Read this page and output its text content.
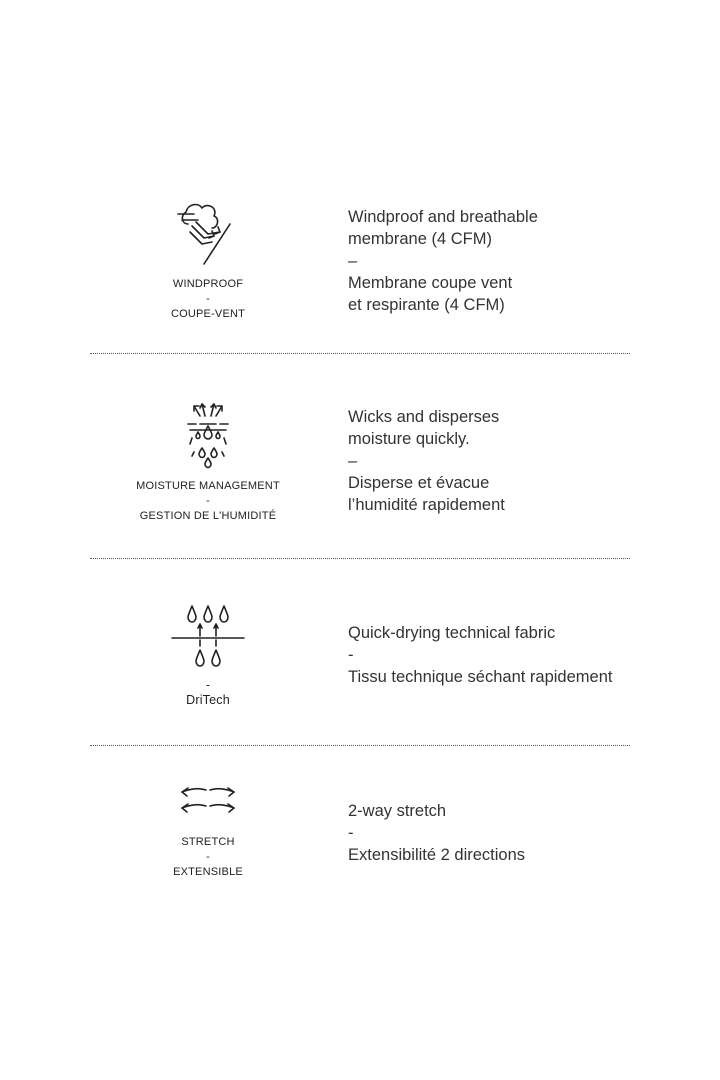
WINDPROOF
-
COUPE-VENT
Windproof and breathable
membrane (4 CFM)
–
Membrane coupe vent
et respirante (4 CFM)
MOISTURE MANAGEMENT
-
GESTION DE L'HUMIDITÉ
Wicks and disperses
moisture quickly.
–
Disperse et évacue
l’humidité rapidement
-
DriTech
Quick-drying technical fabric
-
Tissu technique séchant rapidement
STRETCH
-
EXTENSIBLE
2-way stretch
-
Extensibilité 2 directions
